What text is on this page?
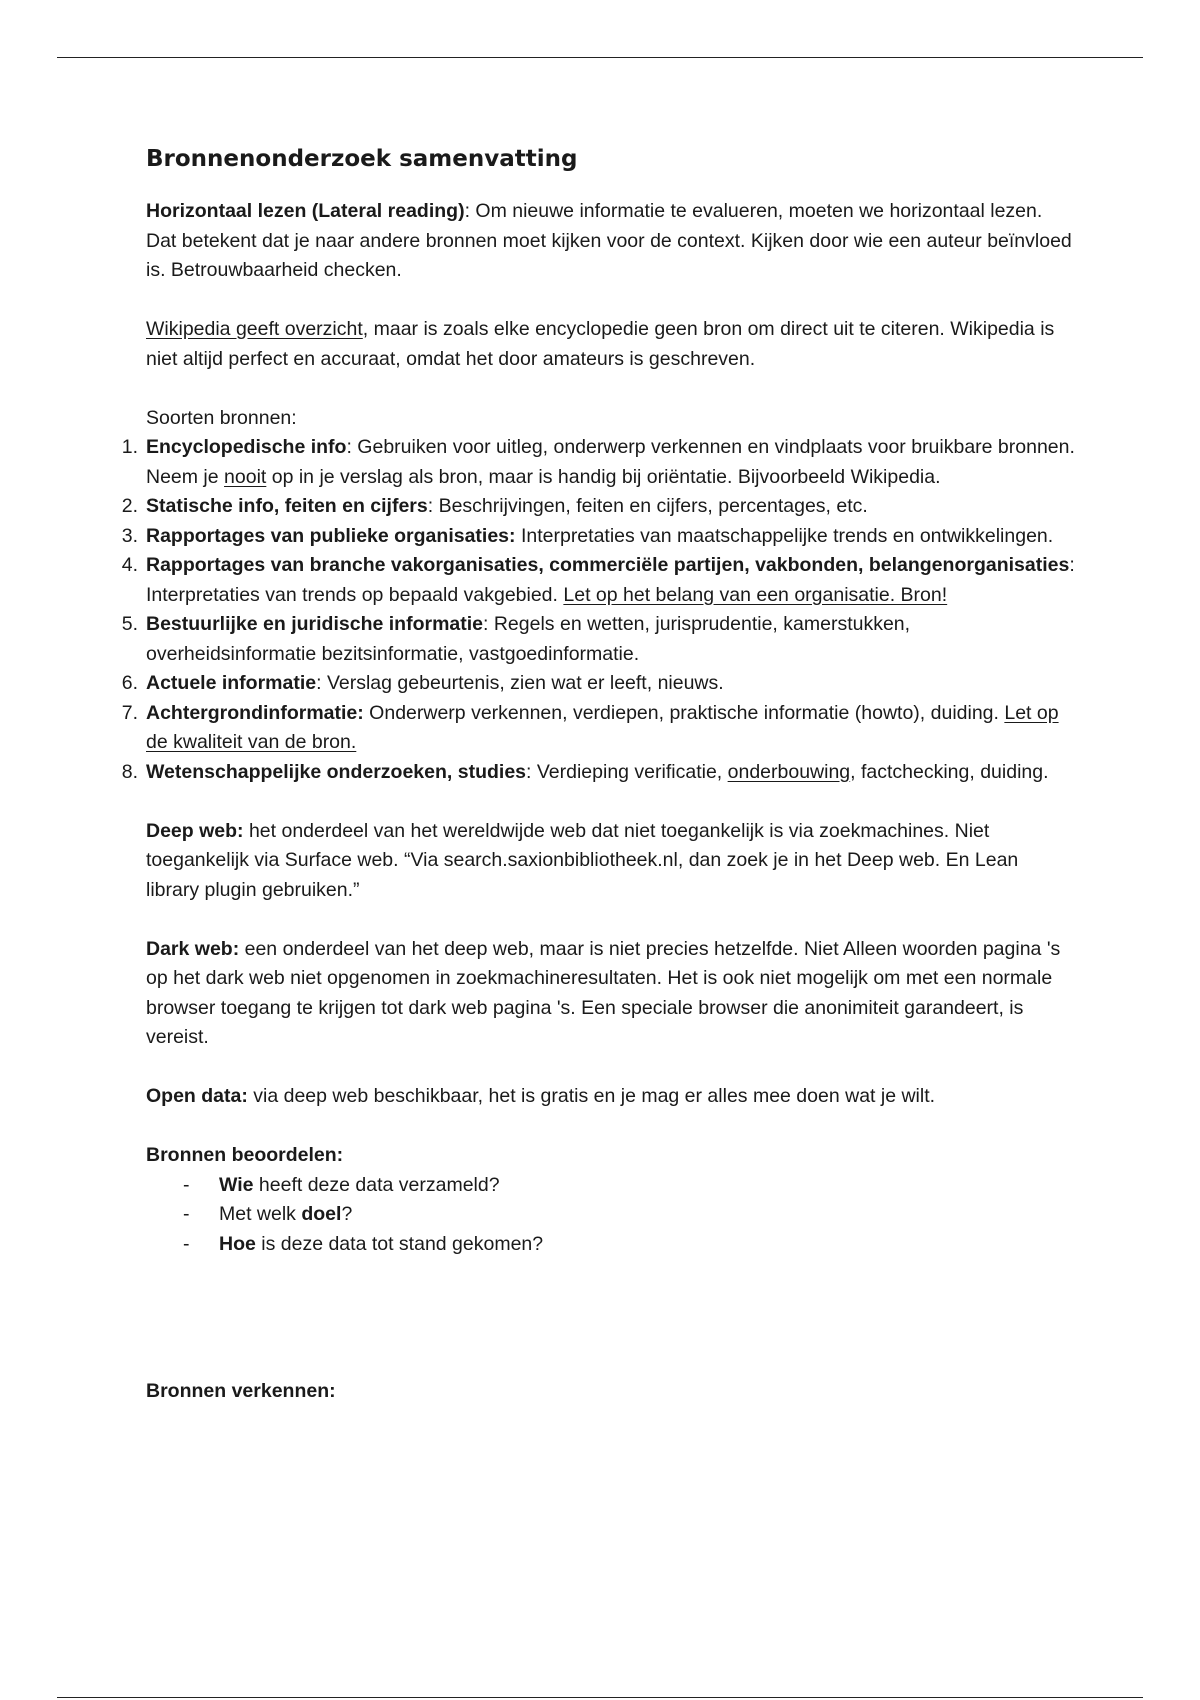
Bronnenonderzoek samenvatting

Horizontaal lezen (Lateral reading): Om nieuwe informatie te evalueren, moeten we horizontaal lezen. Dat betekent dat je naar andere bronnen moet kijken voor de context. Kijken door wie een auteur beïnvloed is. Betrouwbaarheid checken.

Wikipedia geeft overzicht, maar is zoals elke encyclopedie geen bron om direct uit te citeren. Wikipedia is niet altijd perfect en accuraat, omdat het door amateurs is geschreven.

Soorten bronnen:

1. Encyclopedische info: Gebruiken voor uitleg, onderwerp verkennen en vindplaats voor bruikbare bronnen. Neem je nooit op in je verslag als bron, maar is handig bij oriëntatie. Bijvoorbeeld Wikipedia.
2. Statische info, feiten en cijfers: Beschrijvingen, feiten en cijfers, percentages, etc.
3. Rapportages van publieke organisaties: Interpretaties van maatschappelijke trends en ontwikkelingen.
4. Rapportages van branche vakorganisaties, commerciële partijen, vakbonden, belangenorganisaties: Interpretaties van trends op bepaald vakgebied. Let op het belang van een organisatie. Bron!
5. Bestuurlijke en juridische informatie: Regels en wetten, jurisprudentie, kamerstukken, overheidsinformatie bezitsinformatie, vastgoedinformatie.
6. Actuele informatie: Verslag gebeurtenis, zien wat er leeft, nieuws.
7. Achtergrondinformatie: Onderwerp verkennen, verdiepen, praktische informatie (howto), duiding. Let op de kwaliteit van de bron.
8. Wetenschappelijke onderzoeken, studies: Verdieping verificatie, onderbouwing, factchecking, duiding.

Deep web: het onderdeel van het wereldwijde web dat niet toegankelijk is via zoekmachines. Niet toegankelijk via Surface web. “Via search.saxionbibliotheek.nl, dan zoek je in het Deep web. En Lean library plugin gebruiken.”

Dark web: een onderdeel van het deep web, maar is niet precies hetzelfde. Niet Alleen woorden pagina 's op het dark web niet opgenomen in zoekmachineresultaten. Het is ook niet mogelijk om met een normale browser toegang te krijgen tot dark web pagina 's. Een speciale browser die anonimiteit garandeert, is vereist.

Open data: via deep web beschikbaar, het is gratis en je mag er alles mee doen wat je wilt.

Bronnen beoordelen:

- Wie heeft deze data verzameld?
- Met welk doel?
- Hoe is deze data tot stand gekomen?

Bronnen verkennen:
